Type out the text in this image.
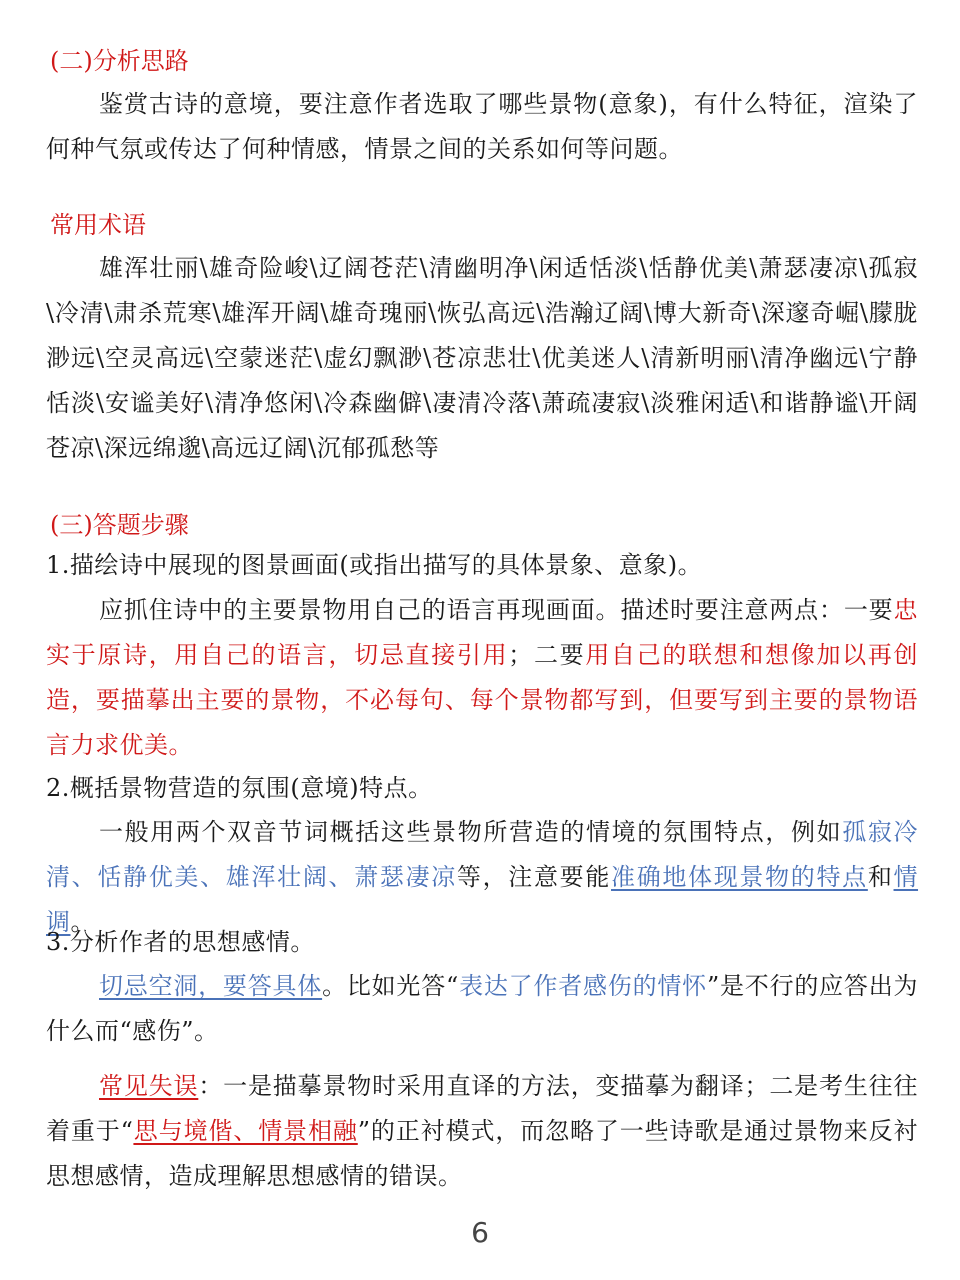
(二)分析思路
鉴赏古诗的意境，要注意作者选取了哪些景物(意象)，有什么特征，渲染了何种气氛或传达了何种情感，情景之间的关系如何等问题。
常用术语
雄浑壮丽\雄奇险峻\辽阔苍茫\清幽明净\闲适恬淡\恬静优美\萧瑟凄凉\孤寂\冷清\肃杀荒寒\雄浑开阔\雄奇瑰丽\恢弘高远\浩瀚辽阔\博大新奇\深邃奇崛\朦胧渺远\空灵高远\空蒙迷茫\虚幻飘渺\苍凉悲壮\优美迷人\清新明丽\清净幽远\宁静恬淡\安谧美好\清净悠闲\冷森幽僻\凄清冷落\萧疏凄寂\淡雅闲适\和谐静谧\开阔苍凉\深远绵邈\高远辽阔\沉郁孤愁等
(三)答题步骤
1.描绘诗中展现的图景画面(或指出描写的具体景象、意象)。
应抓住诗中的主要景物用自己的语言再现画面。描述时要注意两点：一要忠实于原诗，用自己的语言，切忌直接引用；二要用自己的联想和想像加以再创造，要描摹出主要的景物，不必每句、每个景物都写到，但要写到主要的景物语言力求优美。
2.概括景物营造的氛围(意境)特点。
一般用两个双音节词概括这些景物所营造的情境的氛围特点，例如孤寂冷清、恬静优美、雄浑壮阔、萧瑟凄凉等，注意要能准确地体现景物的特点和情调。
3.分析作者的思想感情。
切忌空洞，要答具体。比如光答“表达了作者感伤的情怀”是不行的应答出为什么而“感伤”。
常见失误：一是描摹景物时采用直译的方法，变描摹为翻译；二是考生往往着重于“思与境偕、情景相融”的正衬模式，而忽略了一些诗歌是通过景物来反衬思想感情，造成理解思想感情的错误。
6
